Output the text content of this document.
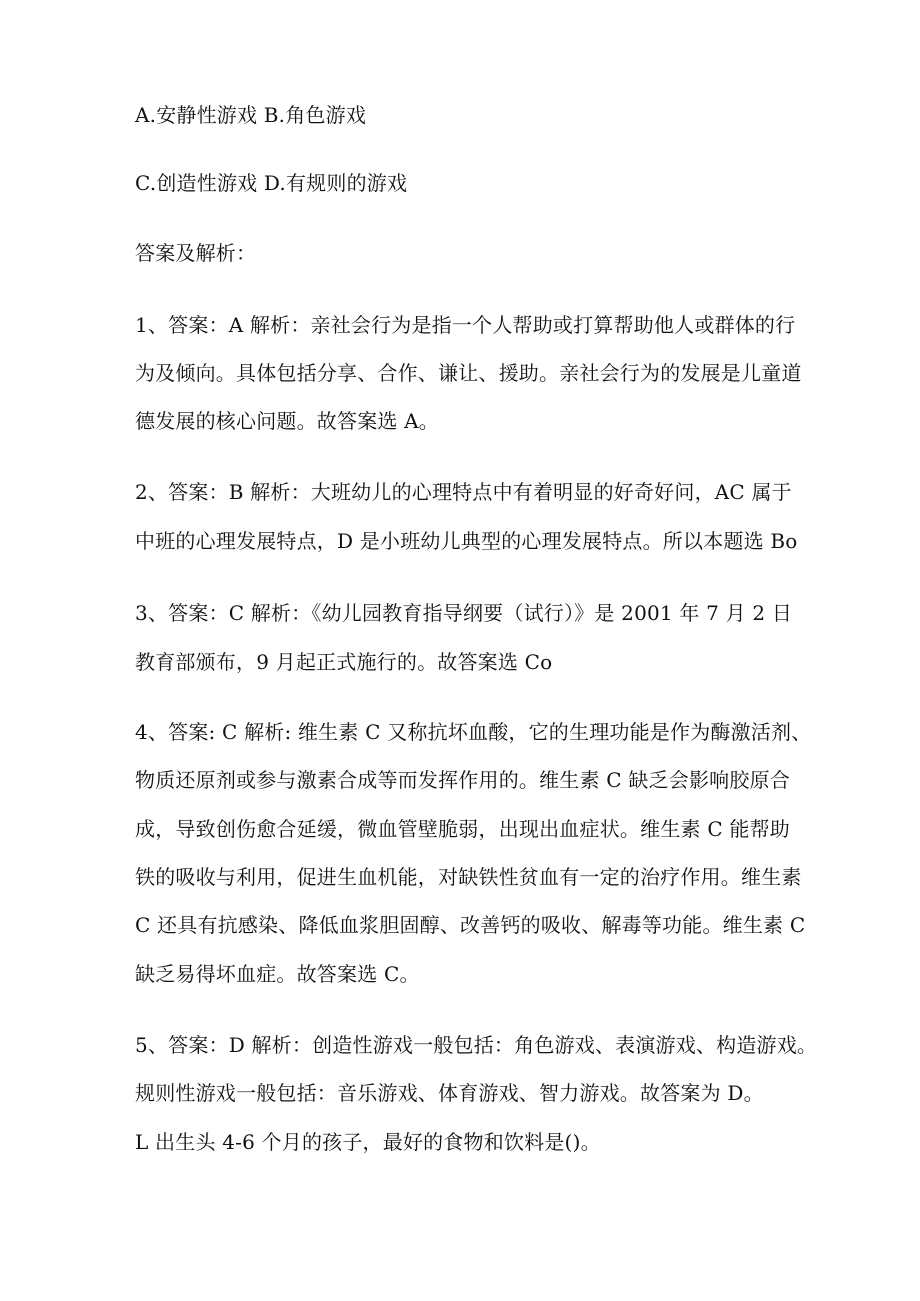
A.安静性游戏 B.角色游戏
C.创造性游戏 D.有规则的游戏
答案及解析：
1、答案：A 解析：亲社会行为是指一个人帮助或打算帮助他人或群体的行
为及倾向。具体包括分享、合作、谦让、援助。亲社会行为的发展是儿童道
德发展的核心问题。故答案选 A。
2、答案：B 解析：大班幼儿的心理特点中有着明显的好奇好问，AC 属于
中班的心理发展特点，D 是小班幼儿典型的心理发展特点。所以本题选 Bo
3、答案：C 解析：《幼儿园教育指导纲要（试行）》是 2001 年 7 月 2 日
教育部颁布，9 月起正式施行的。故答案选 Co
4、答案: C 解析: 维生素 C 又称抗坏血酸，它的生理功能是作为酶激活剂、
物质还原剂或参与激素合成等而发挥作用的。维生素 C 缺乏会影响胶原合
成，导致创伤愈合延缓，微血管壁脆弱，出现出血症状。维生素 C 能帮助
铁的吸收与利用，促进生血机能，对缺铁性贫血有一定的治疗作用。维生素
C 还具有抗感染、降低血浆胆固醇、改善钙的吸收、解毒等功能。维生素 C
缺乏易得坏血症。故答案选 C。
5、答案：D 解析：创造性游戏一般包括：角色游戏、表演游戏、构造游戏。
规则性游戏一般包括：音乐游戏、体育游戏、智力游戏。故答案为 D。
L 出生头 4-6 个月的孩子，最好的食物和饮料是()。
